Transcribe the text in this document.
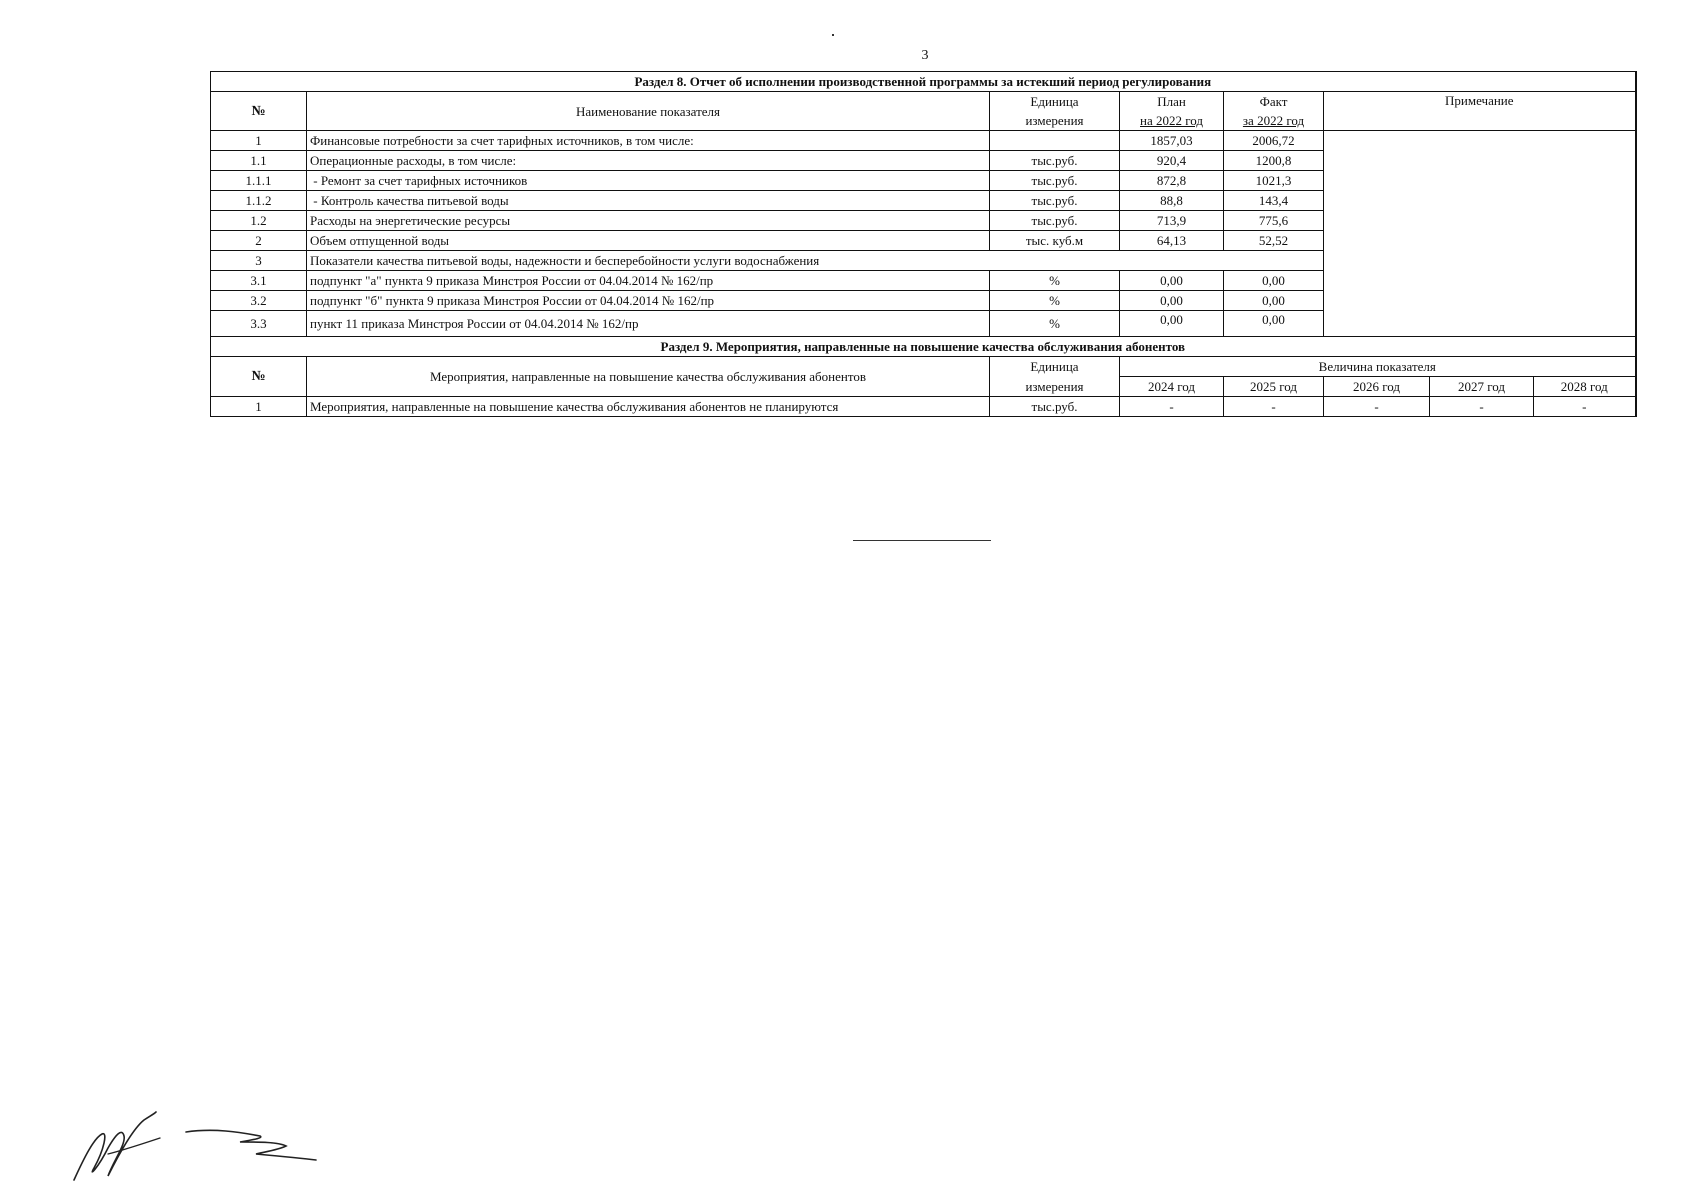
3
Раздел 8. Отчет об исполнении производственной программы за истекший период регулирования							
№	Наименование показателя	Единица	План	Факт	Примечание		
		измерения	на 2022 год	за 2022 год			
1	Финансовые потребности за счет тарифных источников, в том числе:		1857,03	2006,72			
1.1	Операционные расходы, в том числе:	тыс.руб.	920,4	1200,8			
1.1.1	- Ремонт за счет тарифных источников	тыс.руб.	872,8	1021,3			
1.1.2	- Контроль качества питьевой воды	тыс.руб.	88,8	143,4			
1.2	Расходы на энергетические ресурсы	тыс.руб.	713,9	775,6			
2	Объем отпущенной воды	тыс. куб.м	64,13	52,52			
3	Показатели качества питьевой воды, надежности и бесперебойности услуги водоснабжения						
3.1	подпункт "а" пункта 9 приказа Минстроя России от 04.04.2014 № 162/пр	%	0,00	0,00			
3.2	подпункт "б" пункта 9 приказа Минстроя России от 04.04.2014 № 162/пр	%	0,00	0,00			
3.3	пункт 11 приказа Минстроя России от 04.04.2014 № 162/пр	%	0,00	0,00			
Раздел 9. Мероприятия, направленные на повышение качества обслуживания абонентов							
№	Мероприятия, направленные на повышение качества обслуживания абонентов	Единица	Величина показателя				
		измерения	2024 год	2025 год	2026 год	2027 год	2028 год
1	Мероприятия, направленные на повышение качества обслуживания абонентов не планируются	тыс.руб.	-	-	-	-	-
